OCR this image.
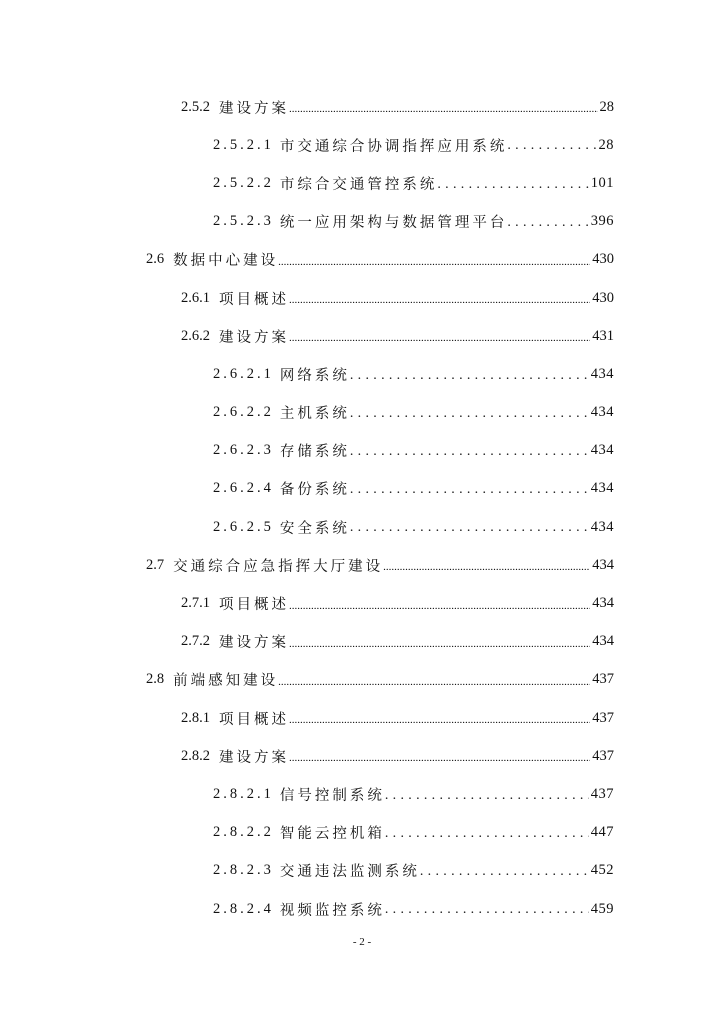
2.5.2 建设方案 .....	28
2.5.2.1 市交通综合协调指挥应用系统 .....	28
2.5.2.2 市综合交通管控系统 .....	101
2.5.2.3 统一应用架构与数据管理平台 .....	396
2.6 数据中心建设 .....	430
2.6.1 项目概述 .....	430
2.6.2 建设方案 .....	431
2.6.2.1 网络系统 .....	434
2.6.2.2 主机系统 .....	434
2.6.2.3 存储系统 .....	434
2.6.2.4 备份系统 .....	434
2.6.2.5 安全系统 .....	434
2.7 交通综合应急指挥大厅建设 .....	434
2.7.1 项目概述 .....	434
2.7.2 建设方案 .....	434
2.8 前端感知建设 .....	437
2.8.1 项目概述 .....	437
2.8.2 建设方案 .....	437
2.8.2.1 信号控制系统 .....	437
2.8.2.2 智能云控机箱 .....	447
2.8.2.3 交通违法监测系统 .....	452
2.8.2.4 视频监控系统 .....	459
- 2 -
